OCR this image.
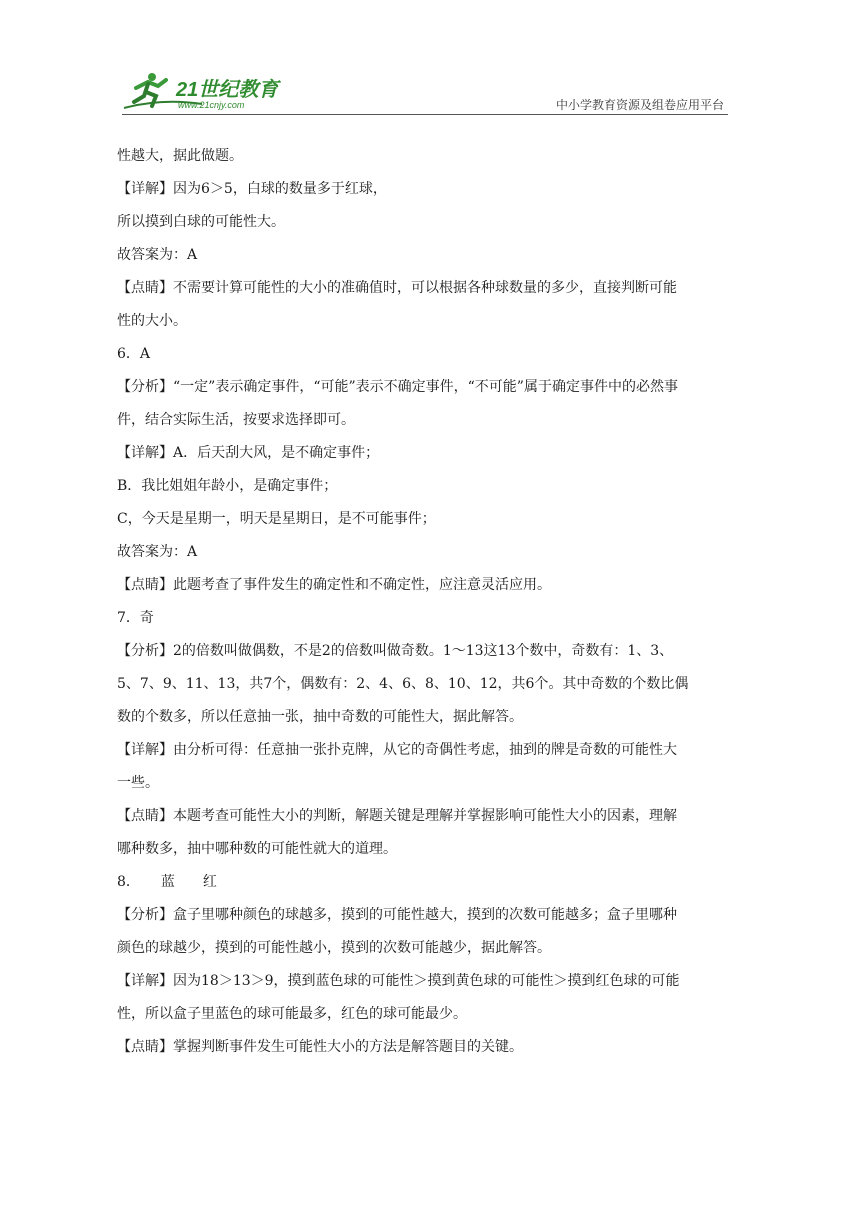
21世纪教育
www.21cnjy.com	中小学教育资源及组卷应用平台
性越大，据此做题。
【详解】因为6＞5，白球的数量多于红球，
所以摸到白球的可能性大。
故答案为：A
【点睛】不需要计算可能性的大小的准确值时，可以根据各种球数量的多少，直接判断可能
性的大小。
6．A
【分析】“一定”表示确定事件，“可能”表示不确定事件，“不可能”属于确定事件中的必然事
件，结合实际生活，按要求选择即可。
【详解】A．后天刮大风，是不确定事件；
B．我比姐姐年龄小，是确定事件；
C，今天是星期一，明天是星期日，是不可能事件；
故答案为：A
【点睛】此题考查了事件发生的确定性和不确定性，应注意灵活应用。
7．奇
【分析】2的倍数叫做偶数，不是2的倍数叫做奇数。1～13这13个数中，奇数有：1、3、
5、7、9、11、13，共7个，偶数有：2、4、6、8、10、12，共6个。其中奇数的个数比偶
数的个数多，所以任意抽一张，抽中奇数的可能性大，据此解答。
【详解】由分析可得：任意抽一张扑克牌，从它的奇偶性考虑，抽到的牌是奇数的可能性大
一些。
【点睛】本题考查可能性大小的判断，解题关键是理解并掌握影响可能性大小的因素，理解
哪种数多，抽中哪种数的可能性就大的道理。
8．　　蓝　　红
【分析】盒子里哪种颜色的球越多，摸到的可能性越大，摸到的次数可能越多；盒子里哪种
颜色的球越少，摸到的可能性越小，摸到的次数可能越少，据此解答。
【详解】因为18＞13＞9，摸到蓝色球的可能性＞摸到黄色球的可能性＞摸到红色球的可能
性，所以盒子里蓝色的球可能最多，红色的球可能最少。
【点睛】掌握判断事件发生可能性大小的方法是解答题目的关键。
